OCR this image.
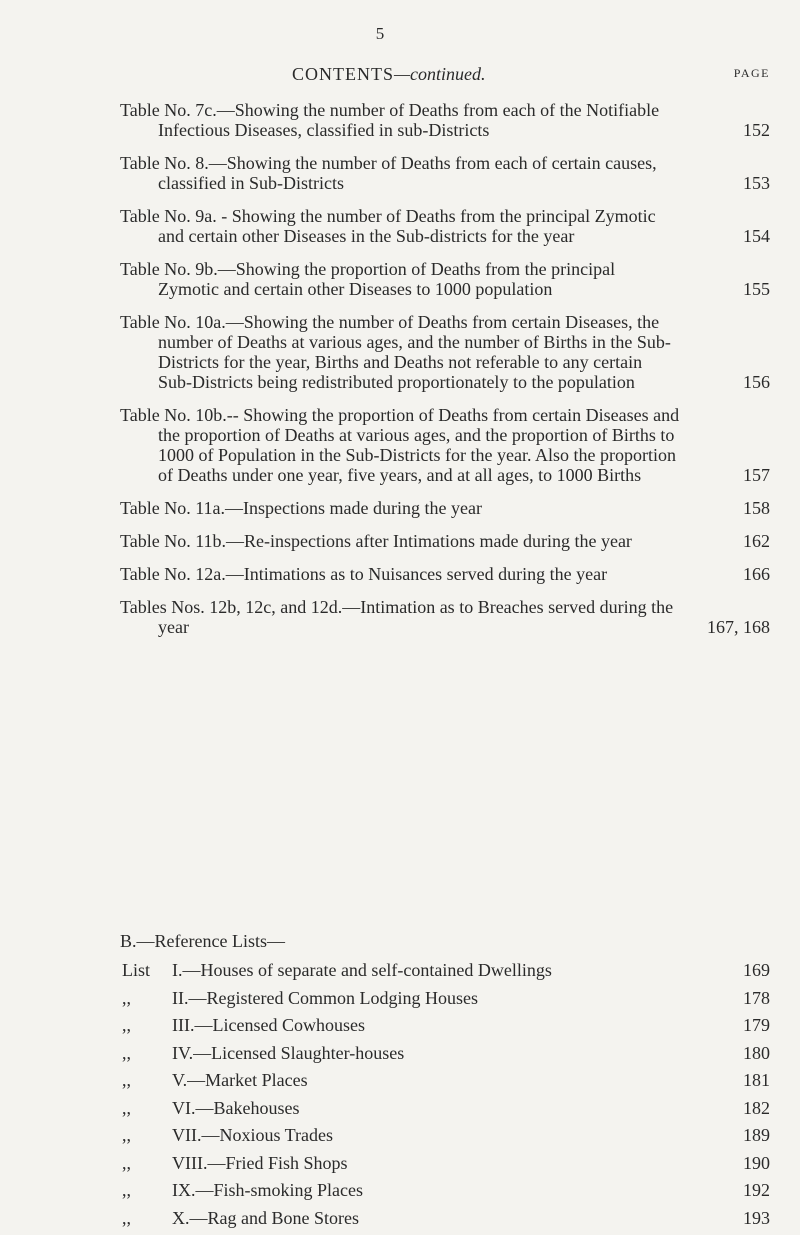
5
CONTENTS—continued.	PAGE
Table No. 7c.—Showing the number of Deaths from each of the Notifiable Infectious Diseases, classified in sub-Districts	152
Table No. 8.—Showing the number of Deaths from each of certain causes, classified in Sub-Districts	153
Table No. 9a. - Showing the number of Deaths from the principal Zymotic and certain other Diseases in the Sub-districts for the year	154
Table No. 9b.—Showing the proportion of Deaths from the principal Zymotic and certain other Diseases to 1000 population	155
Table No. 10a.—Showing the number of Deaths from certain Diseases, the number of Deaths at various ages, and the number of Births in the Sub-Districts for the year, Births and Deaths not referable to any certain Sub-Districts being redistributed proportionately to the population	156
Table No. 10b.-- Showing the proportion of Deaths from certain Diseases and the proportion of Deaths at various ages, and the proportion of Births to 1000 of Population in the Sub-Districts for the year. Also the proportion of Deaths under one year, five years, and at all ages, to 1000 Births	157
Table No. 11a.—Inspections made during the year	158
Table No. 11b.—Re-inspections after Intimations made during the year	162
Table No. 12a.—Intimations as to Nuisances served during the year	166
Tables Nos. 12b, 12c, and 12d.—Intimation as to Breaches served during the year	167, 168
B.—Reference Lists—
List	I.—Houses of separate and self-contained Dwellings	169
,,	II.—Registered Common Lodging Houses	178
,,	III.—Licensed Cowhouses	179
,,	IV.—Licensed Slaughter-houses	180
,,	V.—Market Places	181
,,	VI.—Bakehouses	182
,,	VII.—Noxious Trades	189
,,	VIII.—Fried Fish Shops	190
,,	IX.—Fish-smoking Places	192
,,	X.—Rag and Bone Stores	193
